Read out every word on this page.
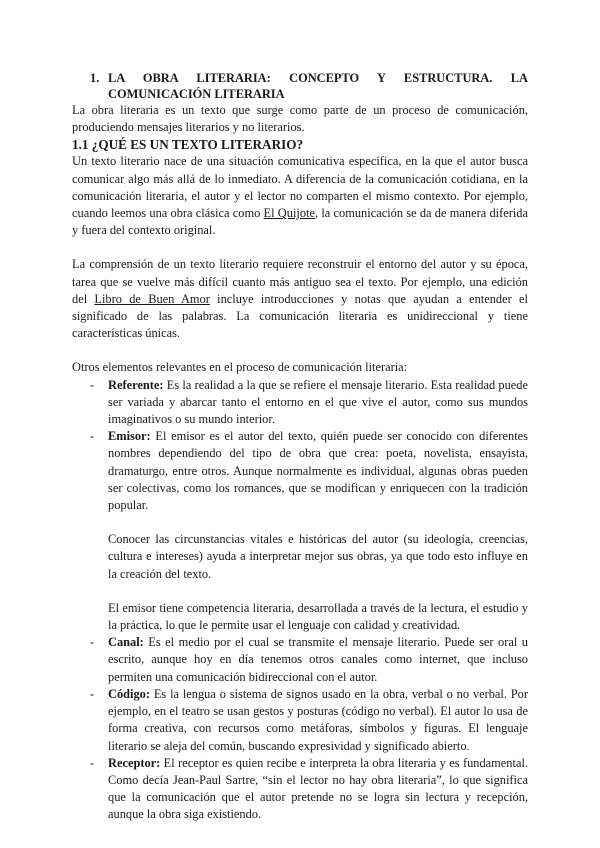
1. LA OBRA LITERARIA: CONCEPTO Y ESTRUCTURA. LA
COMUNICACIÓN LITERARIA

La obra literaria es un texto que surge como parte de un proceso de comunicación, produciendo mensajes literarios y no literarios.

1.1 ¿QUÉ ES UN TEXTO LITERARIO?

Un texto literario nace de una situación comunicativa específica, en la que el autor busca comunicar algo más allá de lo inmediato. A diferencia de la comunicación cotidiana, en la comunicación literaria, el autor y el lector no comparten el mismo contexto. Por ejemplo, cuando leemos una obra clásica como El Quijote, la comunicación se da de manera diferida y fuera del contexto original.

La comprensión de un texto literario requiere reconstruir el entorno del autor y su época, tarea que se vuelve más difícil cuanto más antiguo sea el texto. Por ejemplo, una edición del Libro de Buen Amor incluye introducciones y notas que ayudan a entender el significado de las palabras. La comunicación literaria es unidireccional y tiene características únicas.

Otros elementos relevantes en el proceso de comunicación literaria:

- Referente: Es la realidad a la que se refiere el mensaje literario. Esta realidad puede ser variada y abarcar tanto el entorno en el que vive el autor, como sus mundos imaginativos o su mundo interior.
- Emisor: El emisor es el autor del texto, quién puede ser conocido con diferentes nombres dependiendo del tipo de obra que crea: poeta, novelista, ensayista, dramaturgo, entre otros. Aunque normalmente es individual, algunas obras pueden ser colectivas, como los romances, que se modifican y enriquecen con la tradición popular.

Conocer las circunstancias vitales e históricas del autor (su ideología, creencias, cultura e intereses) ayuda a interpretar mejor sus obras, ya que todo esto influye en la creación del texto.

El emisor tiene competencia literaria, desarrollada a través de la lectura, el estudio y la práctica, lo que le permite usar el lenguaje con calidad y creatividad.

- Canal: Es el medio por el cual se transmite el mensaje literario. Puede ser oral u escrito, aunque hoy en día tenemos otros canales como internet, que incluso permiten una comunicación bidireccional con el autor.
- Código: Es la lengua o sistema de signos usado en la obra, verbal o no verbal. Por ejemplo, en el teatro se usan gestos y posturas (código no verbal). El autor lo usa de forma creativa, con recursos como metáforas, símbolos y figuras. El lenguaje literario se aleja del común, buscando expresividad y significado abierto.
- Receptor: El receptor es quien recibe e interpreta la obra literaria y es fundamental. Como decía Jean-Paul Sartre, “sin el lector no hay obra literaria”, lo que significa que la comunicación que el autor pretende no se logra sin lectura y recepción, aunque la obra siga existiendo.
